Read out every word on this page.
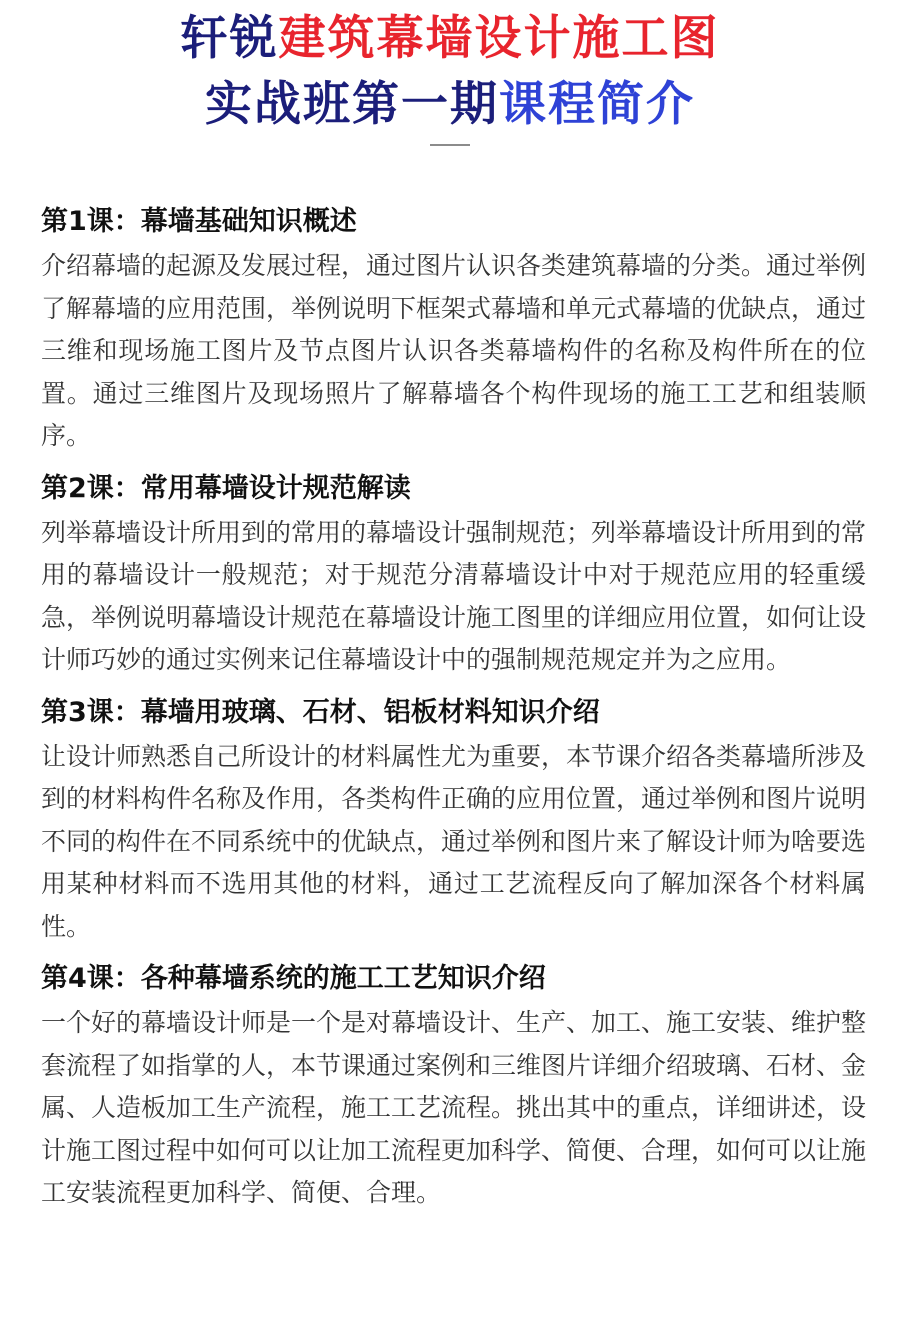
轩锐建筑幕墙设计施工图
实战班第一期课程简介
第1课：幕墙基础知识概述

介绍幕墙的起源及发展过程，通过图片认识各类建筑幕墙的分类。通过举例了解幕墙的应用范围，举例说明下框架式幕墙和单元式幕墙的优缺点，通过三维和现场施工图片及节点图片认识各类幕墙构件的名称及构件所在的位置。通过三维图片及现场照片了解幕墙各个构件现场的施工工艺和组装顺序。

第2课：常用幕墙设计规范解读

列举幕墙设计所用到的常用的幕墙设计强制规范；列举幕墙设计所用到的常用的幕墙设计一般规范；对于规范分清幕墙设计中对于规范应用的轻重缓急，举例说明幕墙设计规范在幕墙设计施工图里的详细应用位置，如何让设计师巧妙的通过实例来记住幕墙设计中的强制规范规定并为之应用。

第3课：幕墙用玻璃、石材、铝板材料知识介绍

让设计师熟悉自己所设计的材料属性尤为重要，本节课介绍各类幕墙所涉及到的材料构件名称及作用，各类构件正确的应用位置，通过举例和图片说明不同的构件在不同系统中的优缺点，通过举例和图片来了解设计师为啥要选用某种材料而不选用其他的材料，通过工艺流程反向了解加深各个材料属性。

第4课：各种幕墙系统的施工工艺知识介绍

一个好的幕墙设计师是一个是对幕墙设计、生产、加工、施工安装、维护整套流程了如指掌的人，本节课通过案例和三维图片详细介绍玻璃、石材、金属、人造板加工生产流程，施工工艺流程。挑出其中的重点，详细讲述，设计施工图过程中如何可以让加工流程更加科学、简便、合理，如何可以让施工安装流程更加科学、简便、合理。
